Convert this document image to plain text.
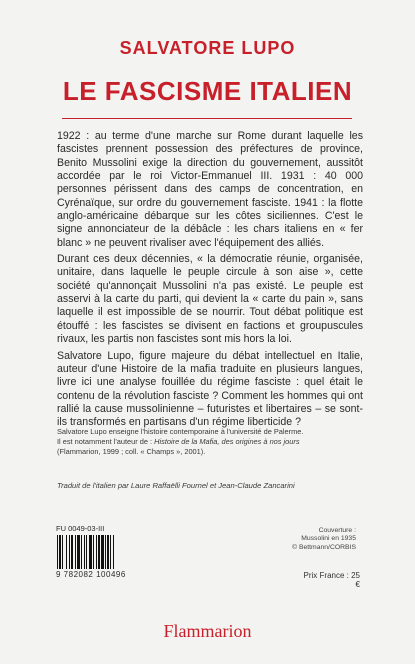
SALVATORE LUPO
LE FASCISME ITALIEN

1922 : au terme d'une marche sur Rome durant laquelle les fascistes prennent possession des préfectures de province, Benito Mussolini exige la direction du gouvernement, aussitôt accordée par le roi Victor-Emmanuel III. 1931 : 40 000 personnes périssent dans des camps de concentration, en Cyrénaïque, sur ordre du gouvernement fasciste. 1941 : la flotte anglo-américaine débarque sur les côtes siciliennes. C'est le signe annonciateur de la débâcle : les chars italiens en « fer blanc » ne peuvent rivaliser avec l'équipement des alliés.

Durant ces deux décennies, « la démocratie réunie, organisée, unitaire, dans laquelle le peuple circule à son aise », cette société qu'annonçait Mussolini n'a pas existé. Le peuple est asservi à la carte du parti, qui devient la « carte du pain », sans laquelle il est impossible de se nourrir. Tout débat politique est étouffé : les fascistes se divisent en factions et groupuscules rivaux, les partis non fascistes sont mis hors la loi.

Salvatore Lupo, figure majeure du débat intellectuel en Italie, auteur d'une Histoire de la mafia traduite en plusieurs langues, livre ici une analyse fouillée du régime fasciste : quel était le contenu de la révolution fasciste ? Comment les hommes qui ont rallié la cause mussolinienne – futuristes et libertaires – se sont-ils transformés en partisans d'un régime liberticide ?

Salvatore Lupo enseigne l'histoire contemporaine à l'université de Palerme.

Il est notamment l'auteur de : Histoire de la Mafia, des origines à nos jours

(Flammarion, 1999 ; coll. « Champs », 2001).

Traduit de l'italien par Laure Raffaëlli Fournel et Jean-Claude Zancarini
FU 0049-03-III
9 782082 100496
Couverture :
Mussolini en 1935
© Bettmann/CORBIS
Prix France : 25 €
Flammarion
